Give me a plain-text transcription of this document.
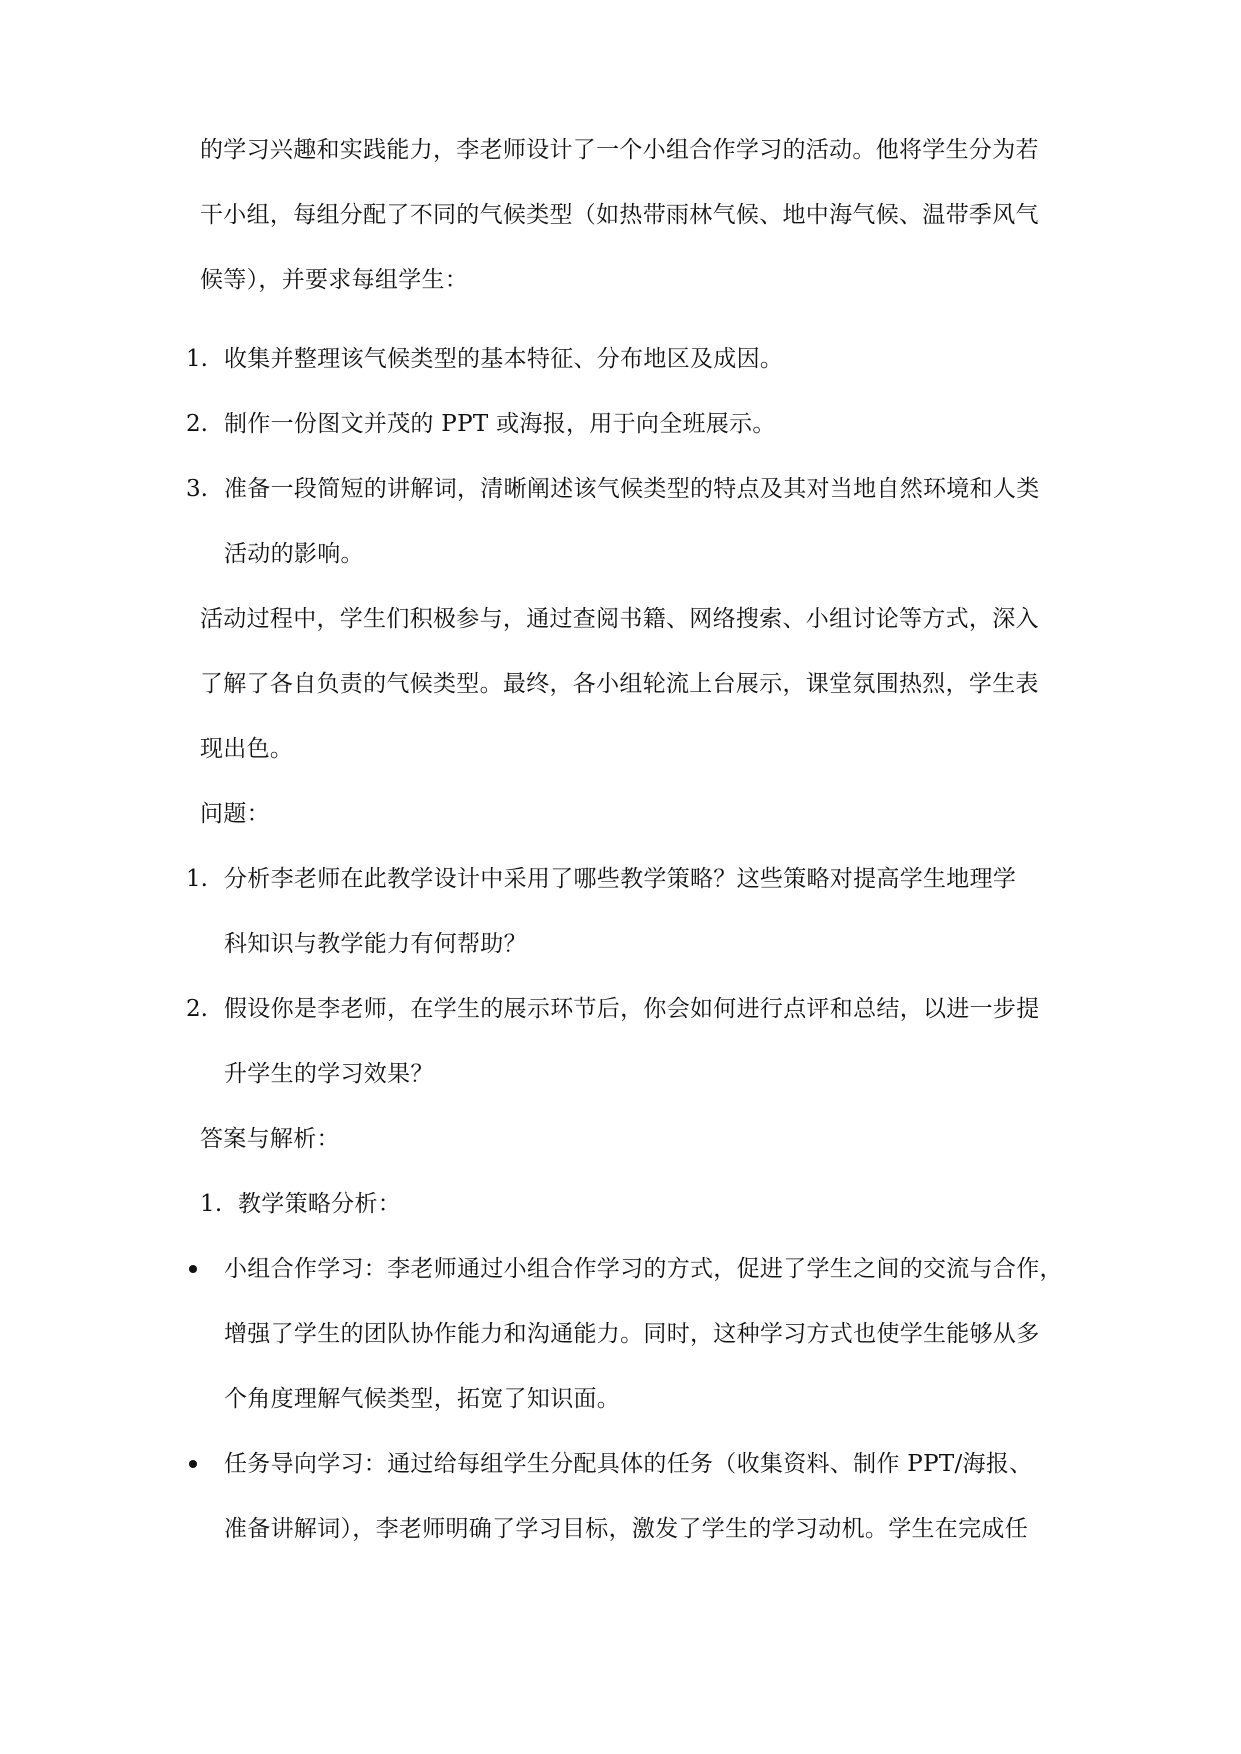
的学习兴趣和实践能力，李老师设计了一个小组合作学习的活动。他将学生分为若
干小组，每组分配了不同的气候类型（如热带雨林气候、地中海气候、温带季风气
候等），并要求每组学生：
1. 收集并整理该气候类型的基本特征、分布地区及成因。
2. 制作一份图文并茂的 PPT 或海报，用于向全班展示。
3. 准备一段简短的讲解词，清晰阐述该气候类型的特点及其对当地自然环境和人类
活动的影响。
活动过程中，学生们积极参与，通过查阅书籍、网络搜索、小组讨论等方式，深入
了解了各自负责的气候类型。最终，各小组轮流上台展示，课堂氛围热烈，学生表
现出色。
问题：
1. 分析李老师在此教学设计中采用了哪些教学策略？这些策略对提高学生地理学
科知识与教学能力有何帮助？
2. 假设你是李老师，在学生的展示环节后，你会如何进行点评和总结，以进一步提
升学生的学习效果？
答案与解析：
1. 教学策略分析：
小组合作学习：李老师通过小组合作学习的方式，促进了学生之间的交流与合作，
增强了学生的团队协作能力和沟通能力。同时，这种学习方式也使学生能够从多
个角度理解气候类型，拓宽了知识面。
任务导向学习：通过给每组学生分配具体的任务（收集资料、制作 PPT/海报、
准备讲解词），李老师明确了学习目标，激发了学生的学习动机。学生在完成任
